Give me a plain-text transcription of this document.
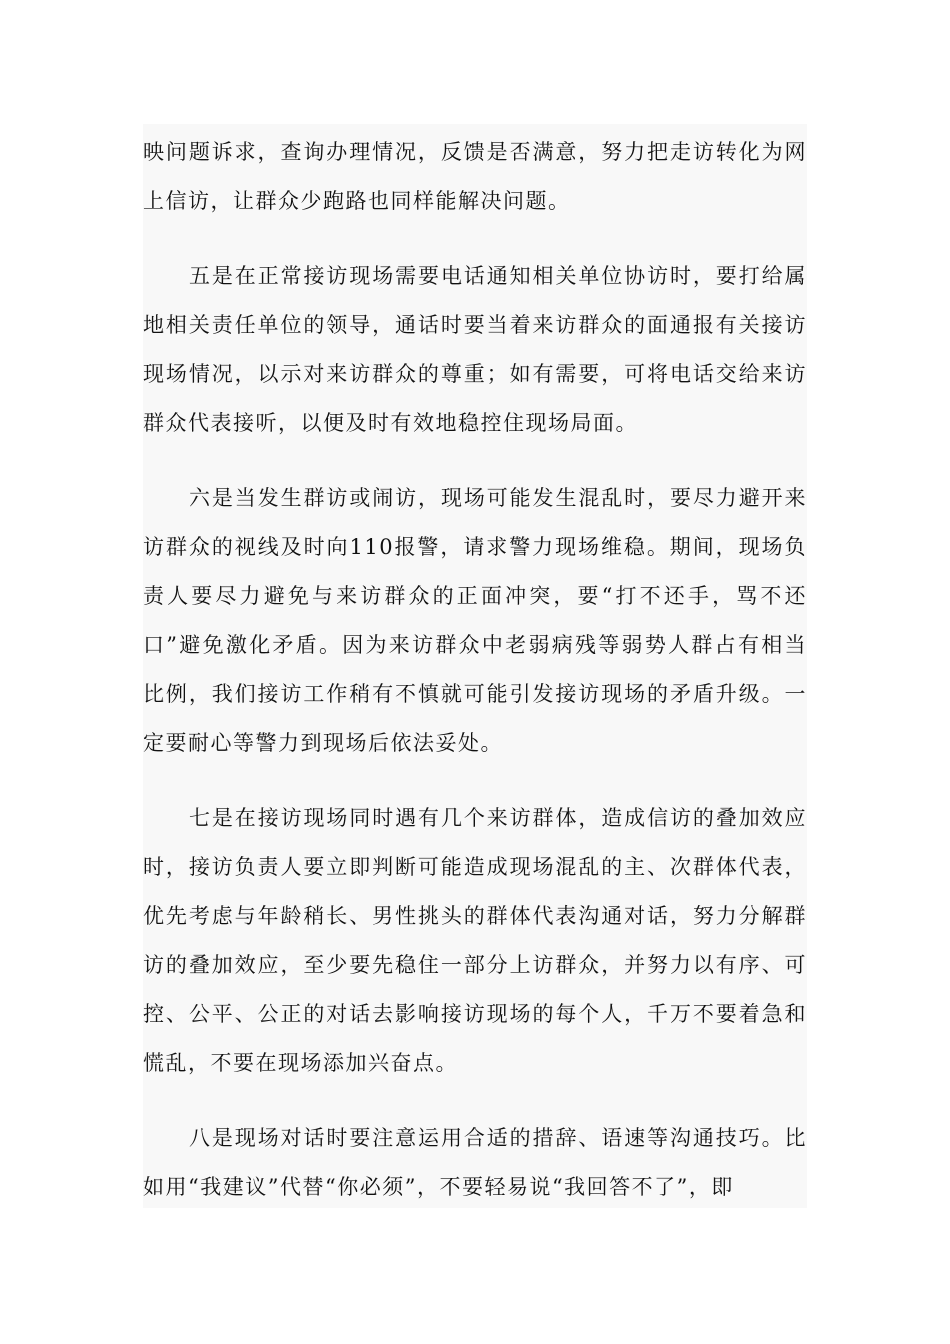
映问题诉求，查询办理情况，反馈是否满意，努力把走访转化为网上信访，让群众少跑路也同样能解决问题。

五是在正常接访现场需要电话通知相关单位协访时，要打给属地相关责任单位的领导，通话时要当着来访群众的面通报有关接访现场情况，以示对来访群众的尊重；如有需要，可将电话交给来访群众代表接听，以便及时有效地稳控住现场局面。

六是当发生群访或闹访，现场可能发生混乱时，要尽力避开来访群众的视线及时向110报警，请求警力现场维稳。期间，现场负责人要尽力避免与来访群众的正面冲突，要“打不还手，骂不还口”避免激化矛盾。因为来访群众中老弱病残等弱势人群占有相当比例，我们接访工作稍有不慎就可能引发接访现场的矛盾升级。一定要耐心等警力到现场后依法妥处。

七是在接访现场同时遇有几个来访群体，造成信访的叠加效应时，接访负责人要立即判断可能造成现场混乱的主、次群体代表，优先考虑与年龄稍长、男性挑头的群体代表沟通对话，努力分解群访的叠加效应，至少要先稳住一部分上访群众，并努力以有序、可控、公平、公正的对话去影响接访现场的每个人，千万不要着急和慌乱，不要在现场添加兴奋点。

八是现场对话时要注意运用合适的措辞、语速等沟通技巧。比如用“我建议”代替“你必须”，不要轻易说“我回答不了”，即
